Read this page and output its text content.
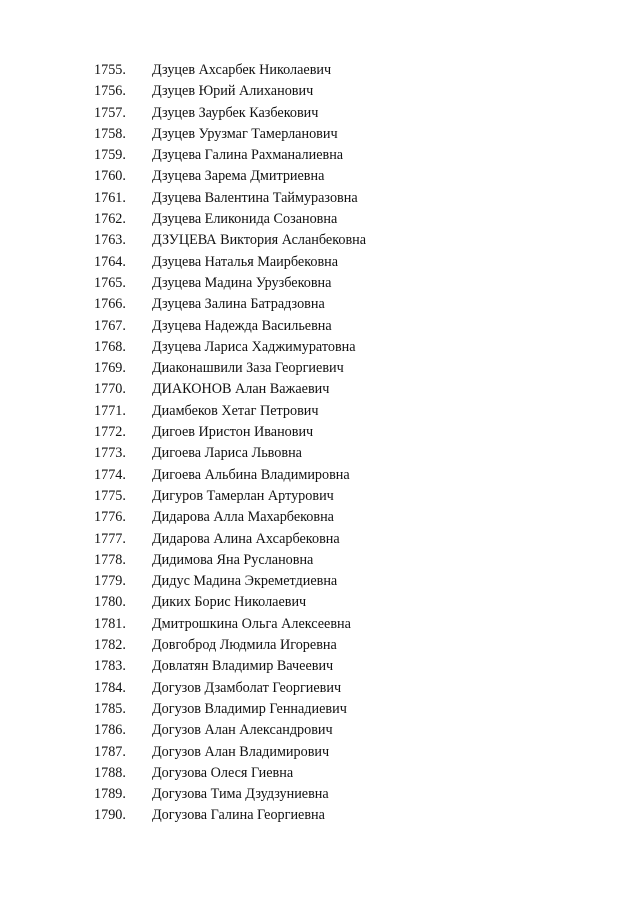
1755. Дзуцев Ахсарбек Николаевич
1756. Дзуцев Юрий Алиханович
1757. Дзуцев Заурбек Казбекович
1758. Дзуцев Урузмаг Тамерланович
1759. Дзуцева Галина Рахманалиевна
1760. Дзуцева Зарема Дмитриевна
1761. Дзуцева Валентина Таймуразовна
1762. Дзуцева Еликонида Созановна
1763. ДЗУЦЕВА Виктория Асланбековна
1764. Дзуцева Наталья Маирбековна
1765. Дзуцева Мадина Урузбековна
1766. Дзуцева Залина Батрадзовна
1767. Дзуцева Надежда Васильевна
1768. Дзуцева Лариса Хаджимуратовна
1769. Диаконашвили Заза Георгиевич
1770. ДИАКОНОВ Алан Важаевич
1771. Диамбеков Хетаг Петрович
1772. Дигоев Иристон Иванович
1773. Дигоева Лариса Львовна
1774. Дигоева Альбина Владимировна
1775. Дигуров Тамерлан Артурович
1776. Дидарова Алла Махарбековна
1777. Дидарова Алина Ахсарбековна
1778. Дидимова Яна Руслановна
1779. Дидус Мадина Экреметдиевна
1780. Диких Борис Николаевич
1781. Дмитрошкина Ольга Алексеевна
1782. Довгоброд Людмила Игоревна
1783. Довлатян Владимир Вачеевич
1784. Догузов Дзамболат Георгиевич
1785. Догузов Владимир Геннадиевич
1786. Догузов Алан Александрович
1787. Догузов Алан Владимирович
1788. Догузова Олеся Гиевна
1789. Догузова Тима Дзудзуниевна
1790. Догузова Галина Георгиевна
